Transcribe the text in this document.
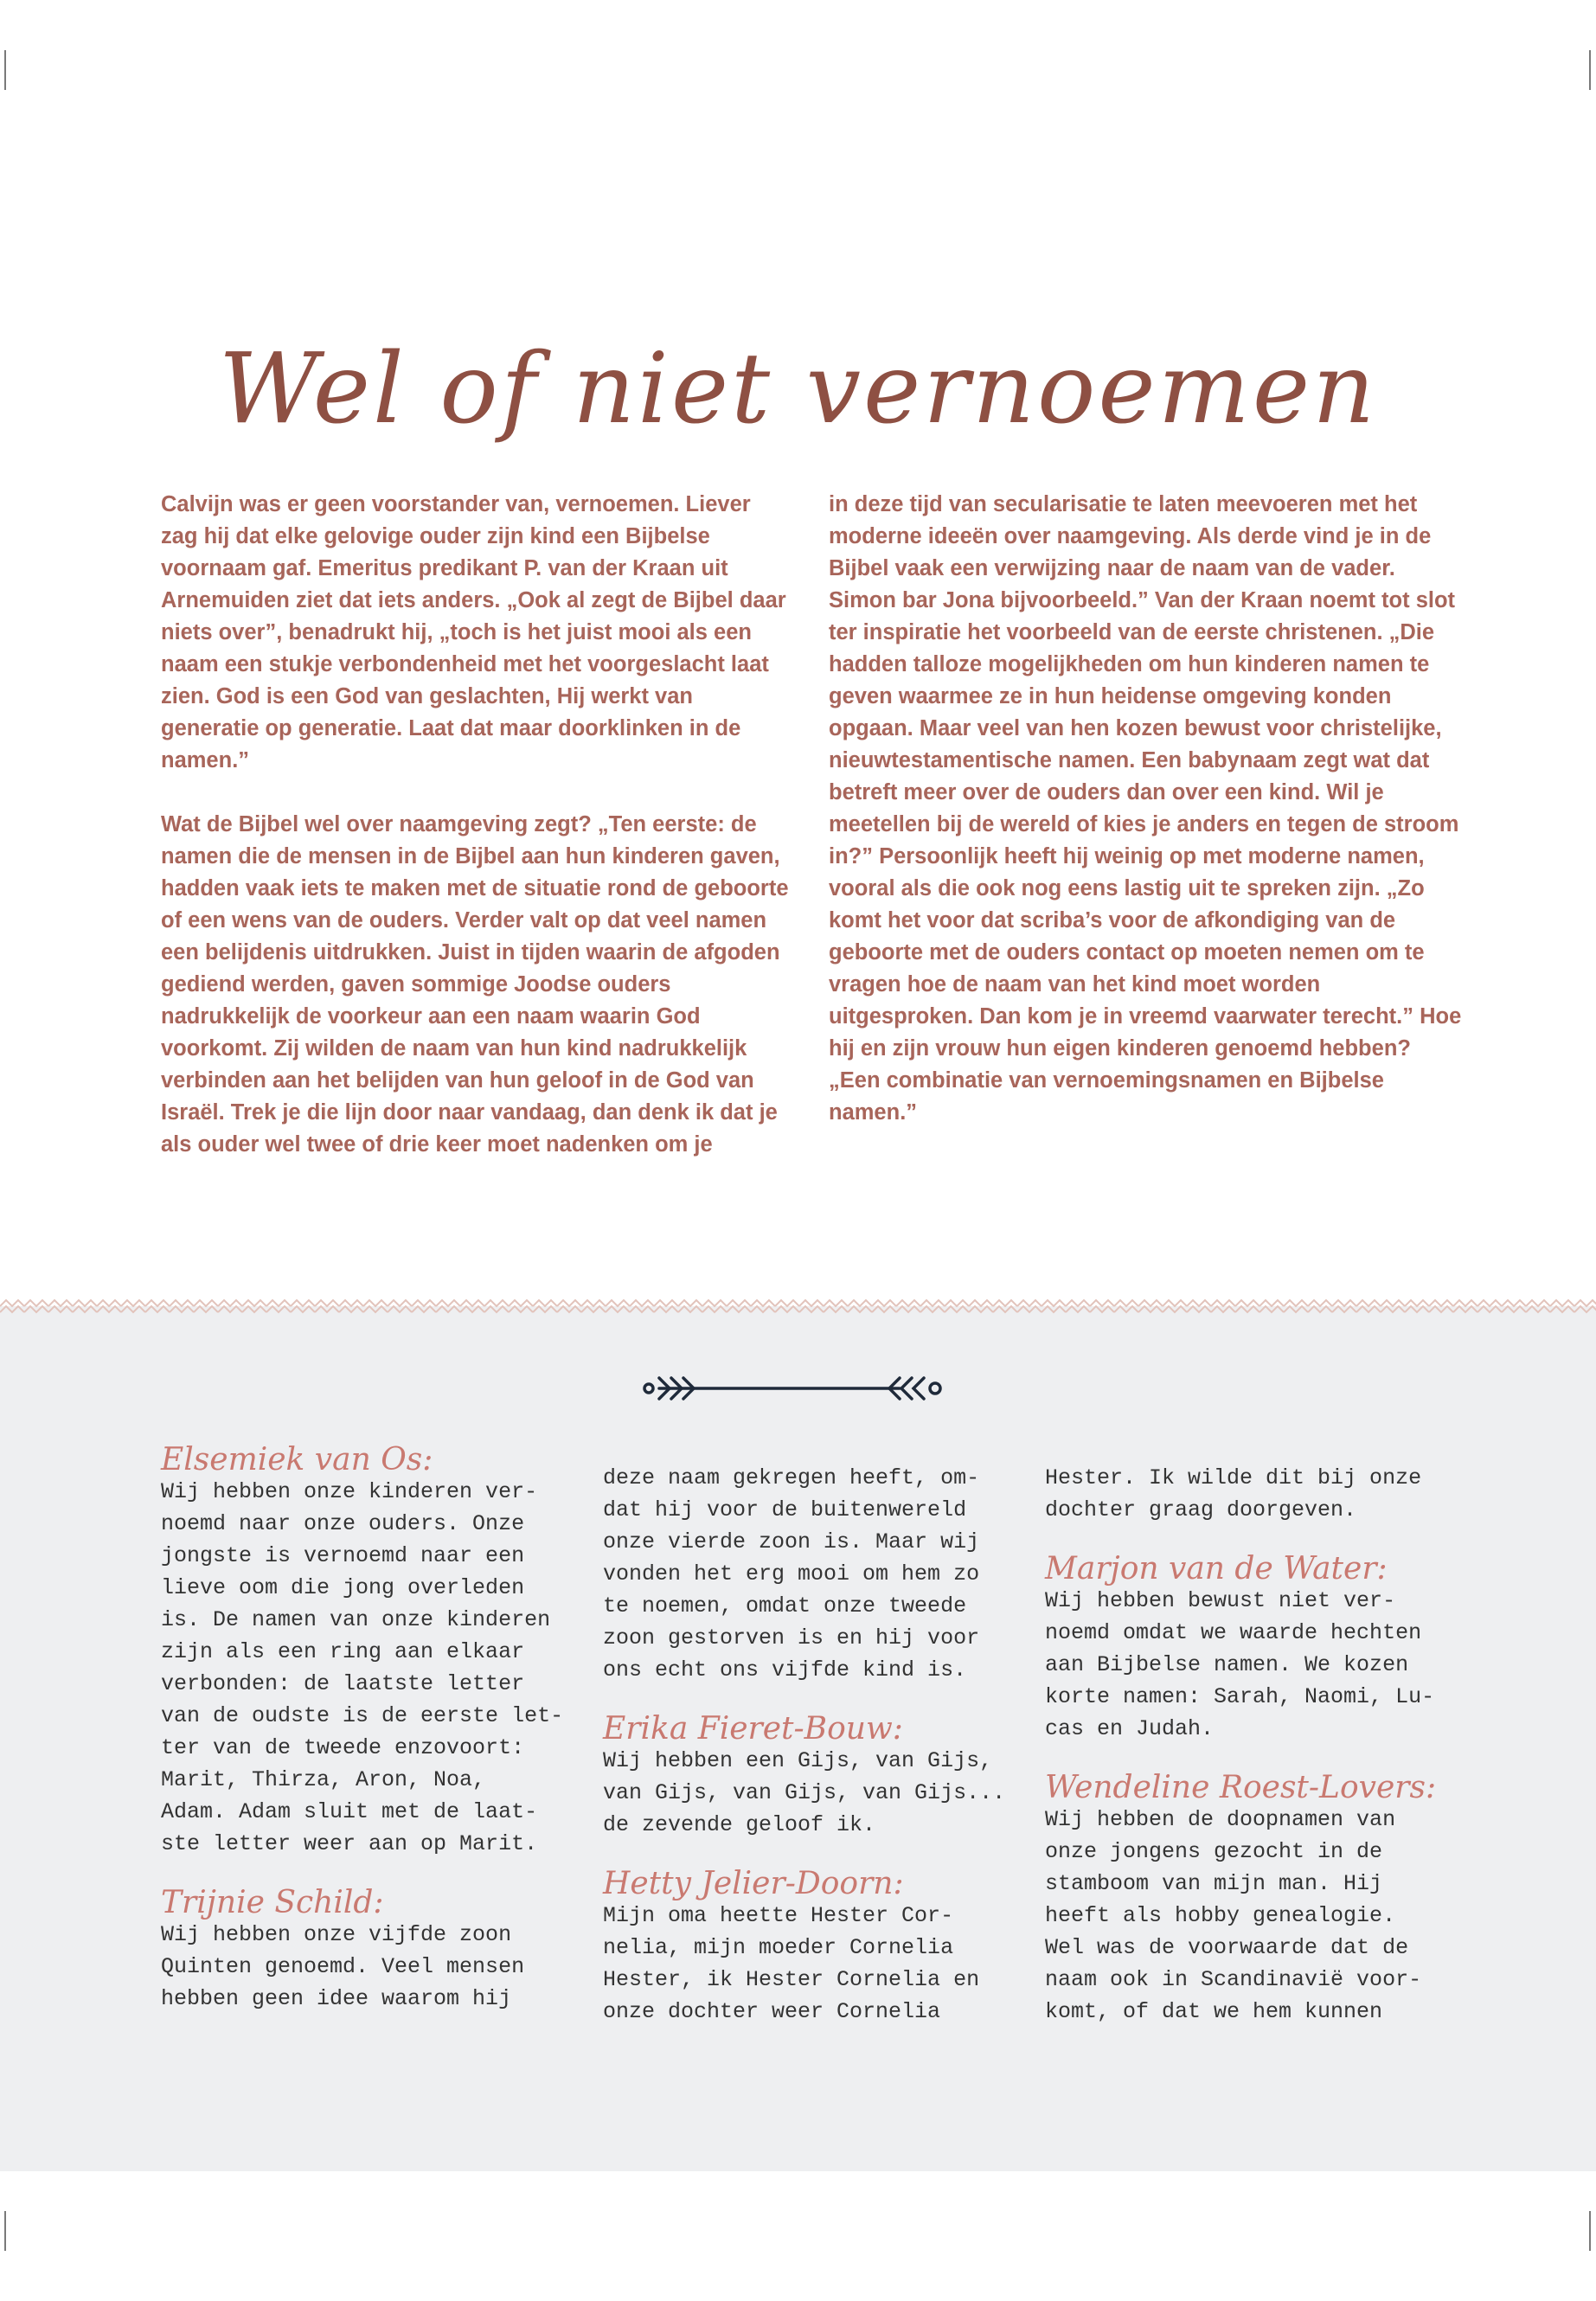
Wel of niet vernoemen

Calvijn was er geen voorstander van, vernoemen. Liever zag hij dat elke gelovige ouder zijn kind een Bijbelse voornaam gaf. Emeritus predikant P. van der Kraan uit Arnemuiden ziet dat iets anders. „Ook al zegt de Bijbel daar niets over”, benadrukt hij, „toch is het juist mooi als een naam een stukje verbondenheid met het voorgeslacht laat zien. God is een God van geslachten, Hij werkt van generatie op generatie. Laat dat maar doorklinken in de namen.”

Wat de Bijbel wel over naamgeving zegt? „Ten eerste: de namen die de mensen in de Bijbel aan hun kinderen gaven, hadden vaak iets te maken met de situatie rond de geboorte of een wens van de ouders. Verder valt op dat veel namen een belijdenis uitdrukken. Juist in tijden waarin de afgoden gediend werden, gaven sommige Joodse ouders nadrukkelijk de voorkeur aan een naam waarin God voorkomt. Zij wilden de naam van hun kind nadrukkelijk verbinden aan het belijden van hun geloof in de God van Israël. Trek je die lijn door naar vandaag, dan denk ik dat je als ouder wel twee of drie keer moet nadenken om je

in deze tijd van secularisatie te laten meevoeren met het moderne ideeën over naamgeving. Als derde vind je in de Bijbel vaak een verwijzing naar de naam van de vader. Simon bar Jona bijvoorbeeld.” Van der Kraan noemt tot slot ter inspiratie het voorbeeld van de eerste christenen. „Die hadden talloze mogelijkheden om hun kinderen namen te geven waarmee ze in hun heidense omgeving konden opgaan. Maar veel van hen kozen bewust voor christelijke, nieuwtestamentische namen. Een babynaam zegt wat dat betreft meer over de ouders dan over een kind. Wil je meetellen bij de wereld of kies je anders en tegen de stroom in?” Persoonlijk heeft hij weinig op met moderne namen, vooral als die ook nog eens lastig uit te spreken zijn. „Zo komt het voor dat scriba’s voor de afkondiging van de geboorte met de ouders contact op moeten nemen om te vragen hoe de naam van het kind moet worden uitgesproken. Dan kom je in vreemd vaarwater terecht.” Hoe hij en zijn vrouw hun eigen kinderen genoemd hebben? „Een combinatie van vernoemingsnamen en Bijbelse namen.”

Elsemiek van Os:

Wij hebben onze kinderen ver-
noemd naar onze ouders. Onze
jongste is vernoemd naar een
lieve oom die jong overleden
is. De namen van onze kinderen
zijn als een ring aan elkaar
verbonden: de laatste letter
van de oudste is de eerste let-
ter van de tweede enzovoort:
Marit, Thirza, Aron, Noa,
Adam. Adam sluit met de laat-
ste letter weer aan op Marit.

Trijnie Schild:

Wij hebben onze vijfde zoon
Quinten genoemd. Veel mensen
hebben geen idee waarom hij

deze naam gekregen heeft, om-
dat hij voor de buitenwereld
onze vierde zoon is. Maar wij
vonden het erg mooi om hem zo
te noemen, omdat onze tweede
zoon gestorven is en hij voor
ons echt ons vijfde kind is.

Erika Fieret-Bouw:

Wij hebben een Gijs, van Gijs,
van Gijs, van Gijs, van Gijs...
de zevende geloof ik.

Hetty Jelier-Doorn:

Mijn oma heette Hester Cor-
nelia, mijn moeder Cornelia
Hester, ik Hester Cornelia en
onze dochter weer Cornelia

Hester. Ik wilde dit bij onze
dochter graag doorgeven.

Marjon van de Water:

Wij hebben bewust niet ver-
noemd omdat we waarde hechten
aan Bijbelse namen. We kozen
korte namen: Sarah, Naomi, Lu-
cas en Judah.

Wendeline Roest-Lovers:

Wij hebben de doopnamen van
onze jongens gezocht in de
stamboom van mijn man. Hij
heeft als hobby genealogie.
Wel was de voorwaarde dat de
naam ook in Scandinavië voor-
komt, of dat we hem kunnen
